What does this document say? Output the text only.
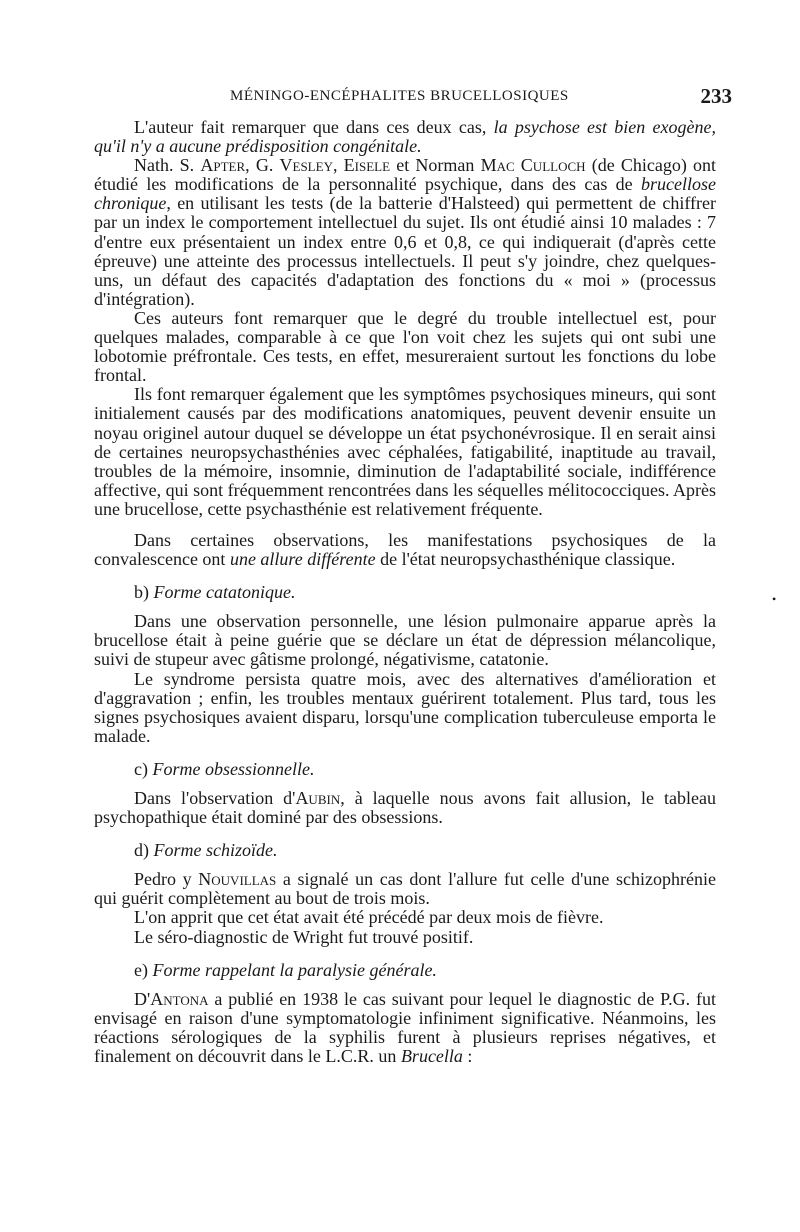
MÉNINGO-ENCÉPHALITES BRUCELLOSIQUES	233

L'auteur fait remarquer que dans ces deux cas, la psychose est bien exogène, qu'il n'y a aucune prédisposition congénitale.

Nath. S. Apter, G. Vesley, Eisele et Norman Mac Culloch (de Chicago) ont étudié les modifications de la personnalité psychique, dans des cas de brucellose chronique, en utilisant les tests (de la batterie d'Halsteed) qui permettent de chiffrer par un index le comportement intellectuel du sujet. Ils ont étudié ainsi 10 malades : 7 d'entre eux présentaient un index entre 0,6 et 0,8, ce qui indiquerait (d'après cette épreuve) une atteinte des processus intellectuels. Il peut s'y joindre, chez quelques-uns, un défaut des capacités d'adaptation des fonctions du « moi » (processus d'intégration).

Ces auteurs font remarquer que le degré du trouble intellectuel est, pour quelques malades, comparable à ce que l'on voit chez les sujets qui ont subi une lobotomie préfrontale. Ces tests, en effet, mesureraient surtout les fonctions du lobe frontal.

Ils font remarquer également que les symptômes psychosiques mineurs, qui sont initialement causés par des modifications anatomiques, peuvent devenir ensuite un noyau originel autour duquel se développe un état psychonévrosique. Il en serait ainsi de certaines neuropsychasthénies avec céphalées, fatigabilité, inaptitude au travail, troubles de la mémoire, insomnie, diminution de l'adaptabilité sociale, indifférence affective, qui sont fréquemment rencontrées dans les séquelles mélitococciques. Après une brucellose, cette psychasthénie est relativement fréquente.

Dans certaines observations, les manifestations psychosiques de la convalescence ont une allure différente de l'état neuropsychasthénique classique.

b) Forme catatonique.

Dans une observation personnelle, une lésion pulmonaire apparue après la brucellose était à peine guérie que se déclare un état de dépression mélancolique, suivi de stupeur avec gâtisme prolongé, négativisme, catatonie.

Le syndrome persista quatre mois, avec des alternatives d'amélioration et d'aggravation ; enfin, les troubles mentaux guérirent totalement. Plus tard, tous les signes psychosiques avaient disparu, lorsqu'une complication tuberculeuse emporta le malade.

c) Forme obsessionnelle.

Dans l'observation d'Aubin, à laquelle nous avons fait allusion, le tableau psychopathique était dominé par des obsessions.

d) Forme schizoïde.

Pedro y Nouvillas a signalé un cas dont l'allure fut celle d'une schizophrénie qui guérit complètement au bout de trois mois.

L'on apprit que cet état avait été précédé par deux mois de fièvre.

Le séro-diagnostic de Wright fut trouvé positif.

e) Forme rappelant la paralysie générale.

D'Antona a publié en 1938 le cas suivant pour lequel le diagnostic de P.G. fut envisagé en raison d'une symptomatologie infiniment significative. Néanmoins, les réactions sérologiques de la syphilis furent à plusieurs reprises négatives, et finalement on découvrit dans le L.C.R. un Brucella :

•
